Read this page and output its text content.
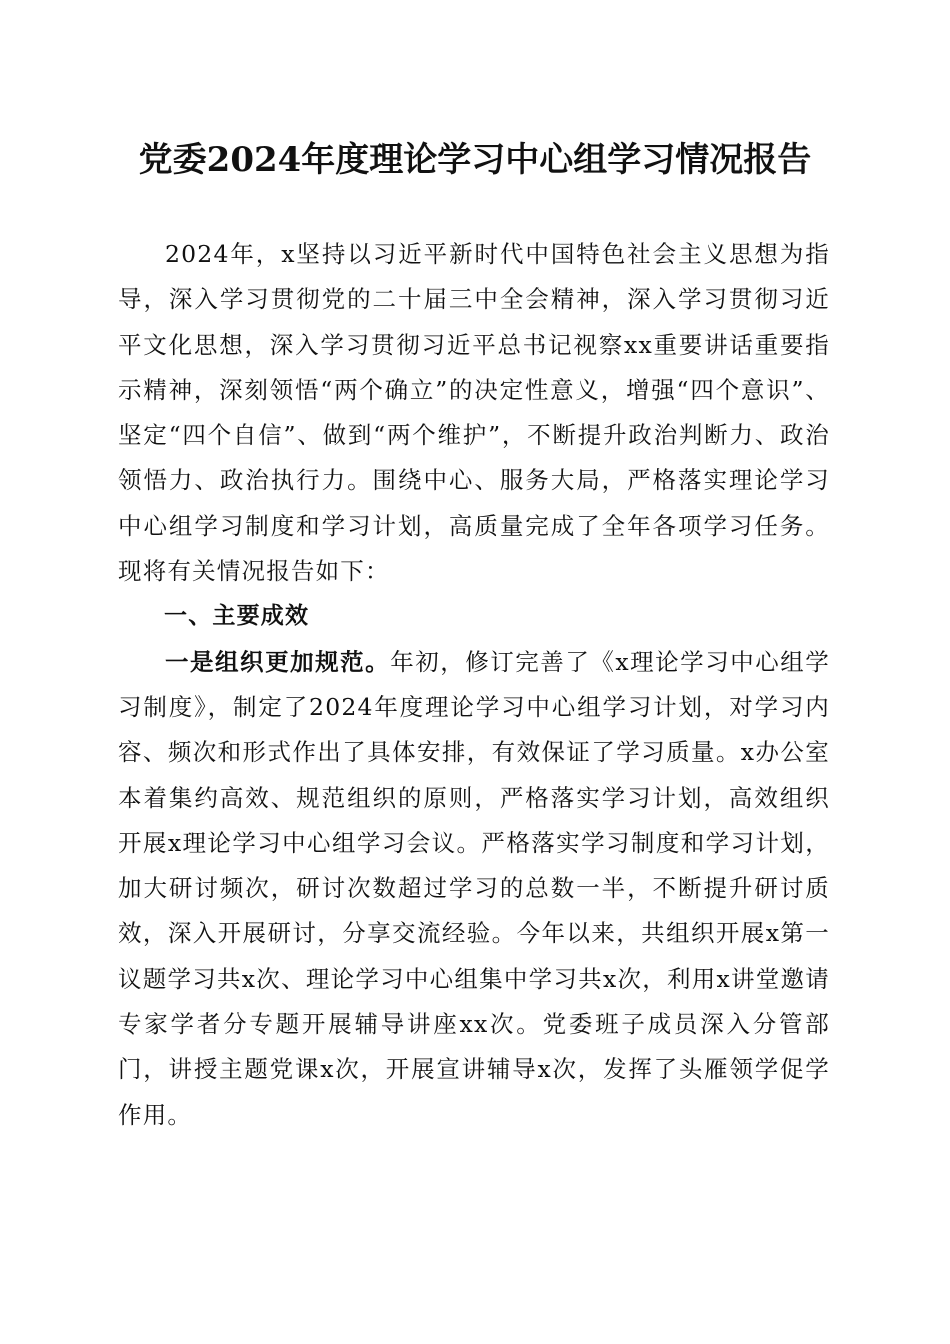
党委2024年度理论学习中心组学习情况报告

2024年，x坚持以习近平新时代中国特色社会主义思想为指导，深入学习贯彻党的二十届三中全会精神，深入学习贯彻习近平文化思想，深入学习贯彻习近平总书记视察xx重要讲话重要指示精神，深刻领悟“两个确立”的决定性意义，增强“四个意识”、坚定“四个自信”、做到“两个维护”，不断提升政治判断力、政治领悟力、政治执行力。围绕中心、服务大局，严格落实理论学习中心组学习制度和学习计划，高质量完成了全年各项学习任务。现将有关情况报告如下：

一、主要成效

一是组织更加规范。年初，修订完善了《x理论学习中心组学习制度》，制定了2024年度理论学习中心组学习计划，对学习内容、频次和形式作出了具体安排，有效保证了学习质量。x办公室本着集约高效、规范组织的原则，严格落实学习计划，高效组织开展x理论学习中心组学习会议。严格落实学习制度和学习计划，加大研讨频次，研讨次数超过学习的总数一半，不断提升研讨质效，深入开展研讨，分享交流经验。今年以来，共组织开展x第一议题学习共x次、理论学习中心组集中学习共x次，利用x讲堂邀请专家学者分专题开展辅导讲座xx次。党委班子成员深入分管部门，讲授主题党课x次，开展宣讲辅导x次，发挥了头雁领学促学作用。
